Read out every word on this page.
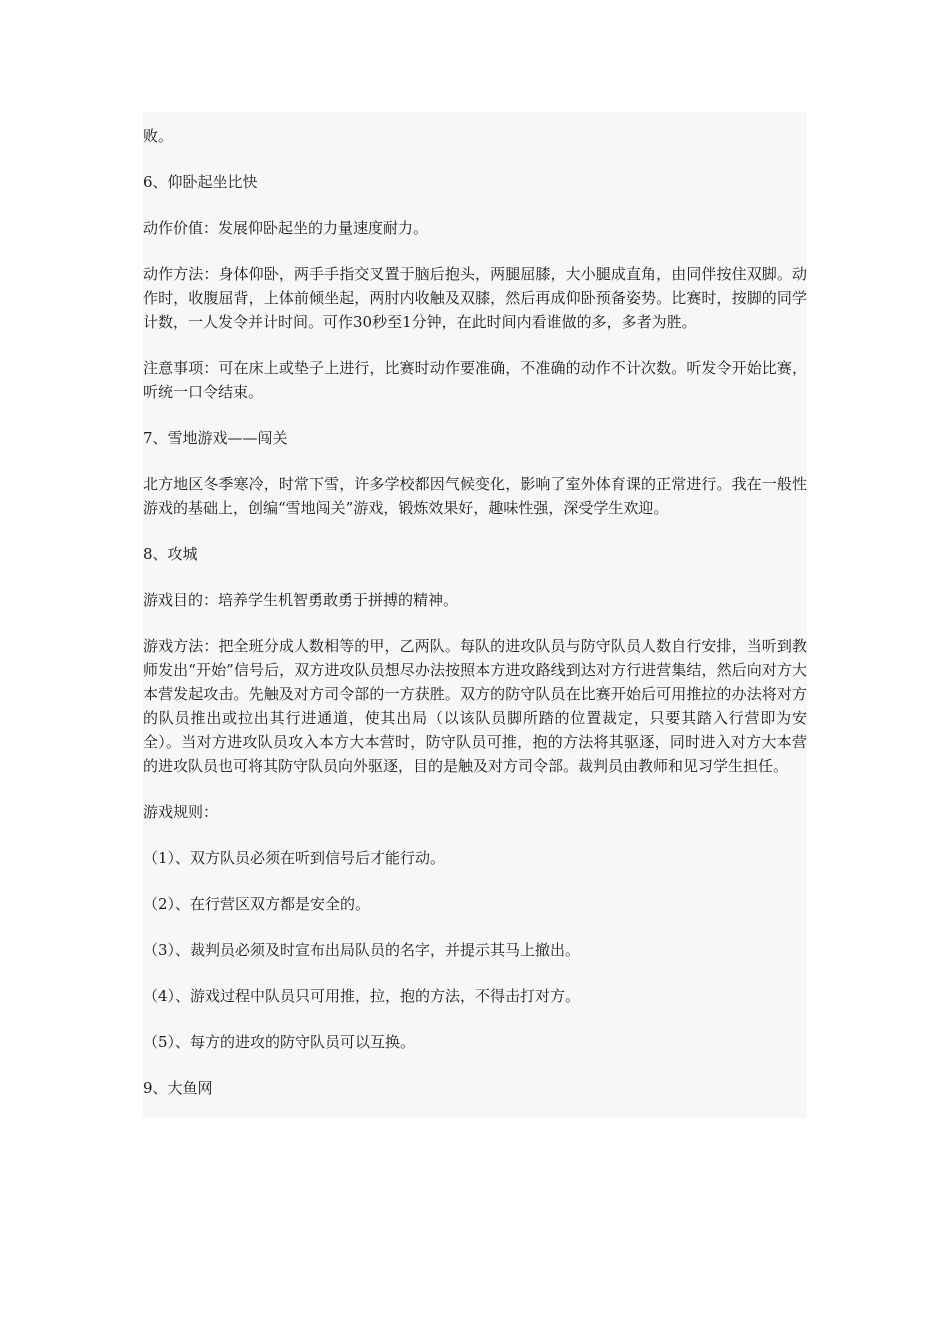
败。

6、仰卧起坐比快

动作价值：发展仰卧起坐的力量速度耐力。

动作方法：身体仰卧，两手手指交叉置于脑后抱头，两腿屈膝，大小腿成直角，由同伴按住双脚。动作时，收腹屈背，上体前倾坐起，两肘内收触及双膝，然后再成仰卧预备姿势。比赛时，按脚的同学计数，一人发令并计时间。可作30秒至1分钟，在此时间内看谁做的多，多者为胜。

注意事项：可在床上或垫子上进行，比赛时动作要准确，不准确的动作不计次数。听发令开始比赛，听统一口令结束。

7、雪地游戏——闯关

北方地区冬季寒冷，时常下雪，许多学校都因气候变化，影响了室外体育课的正常进行。我在一般性游戏的基础上，创编“雪地闯关”游戏，锻炼效果好，趣味性强，深受学生欢迎。

8、攻城

游戏目的：培养学生机智勇敢勇于拼搏的精神。

游戏方法：把全班分成人数相等的甲，乙两队。每队的进攻队员与防守队员人数自行安排，当听到教师发出“开始”信号后，双方进攻队员想尽办法按照本方进攻路线到达对方行进营集结，然后向对方大本营发起攻击。先触及对方司令部的一方获胜。双方的防守队员在比赛开始后可用推拉的办法将对方的队员推出或拉出其行进通道，使其出局（以该队员脚所踏的位置裁定，只要其踏入行营即为安全）。当对方进攻队员攻入本方大本营时，防守队员可推，抱的方法将其驱逐，同时进入对方大本营的进攻队员也可将其防守队员向外驱逐，目的是触及对方司令部。裁判员由教师和见习学生担任。

游戏规则：

（1）、双方队员必须在听到信号后才能行动。

（2）、在行营区双方都是安全的。

（3）、裁判员必须及时宣布出局队员的名字，并提示其马上撤出。

（4）、游戏过程中队员只可用推，拉，抱的方法，不得击打对方。

（5）、每方的进攻的防守队员可以互换。

9、大鱼网
